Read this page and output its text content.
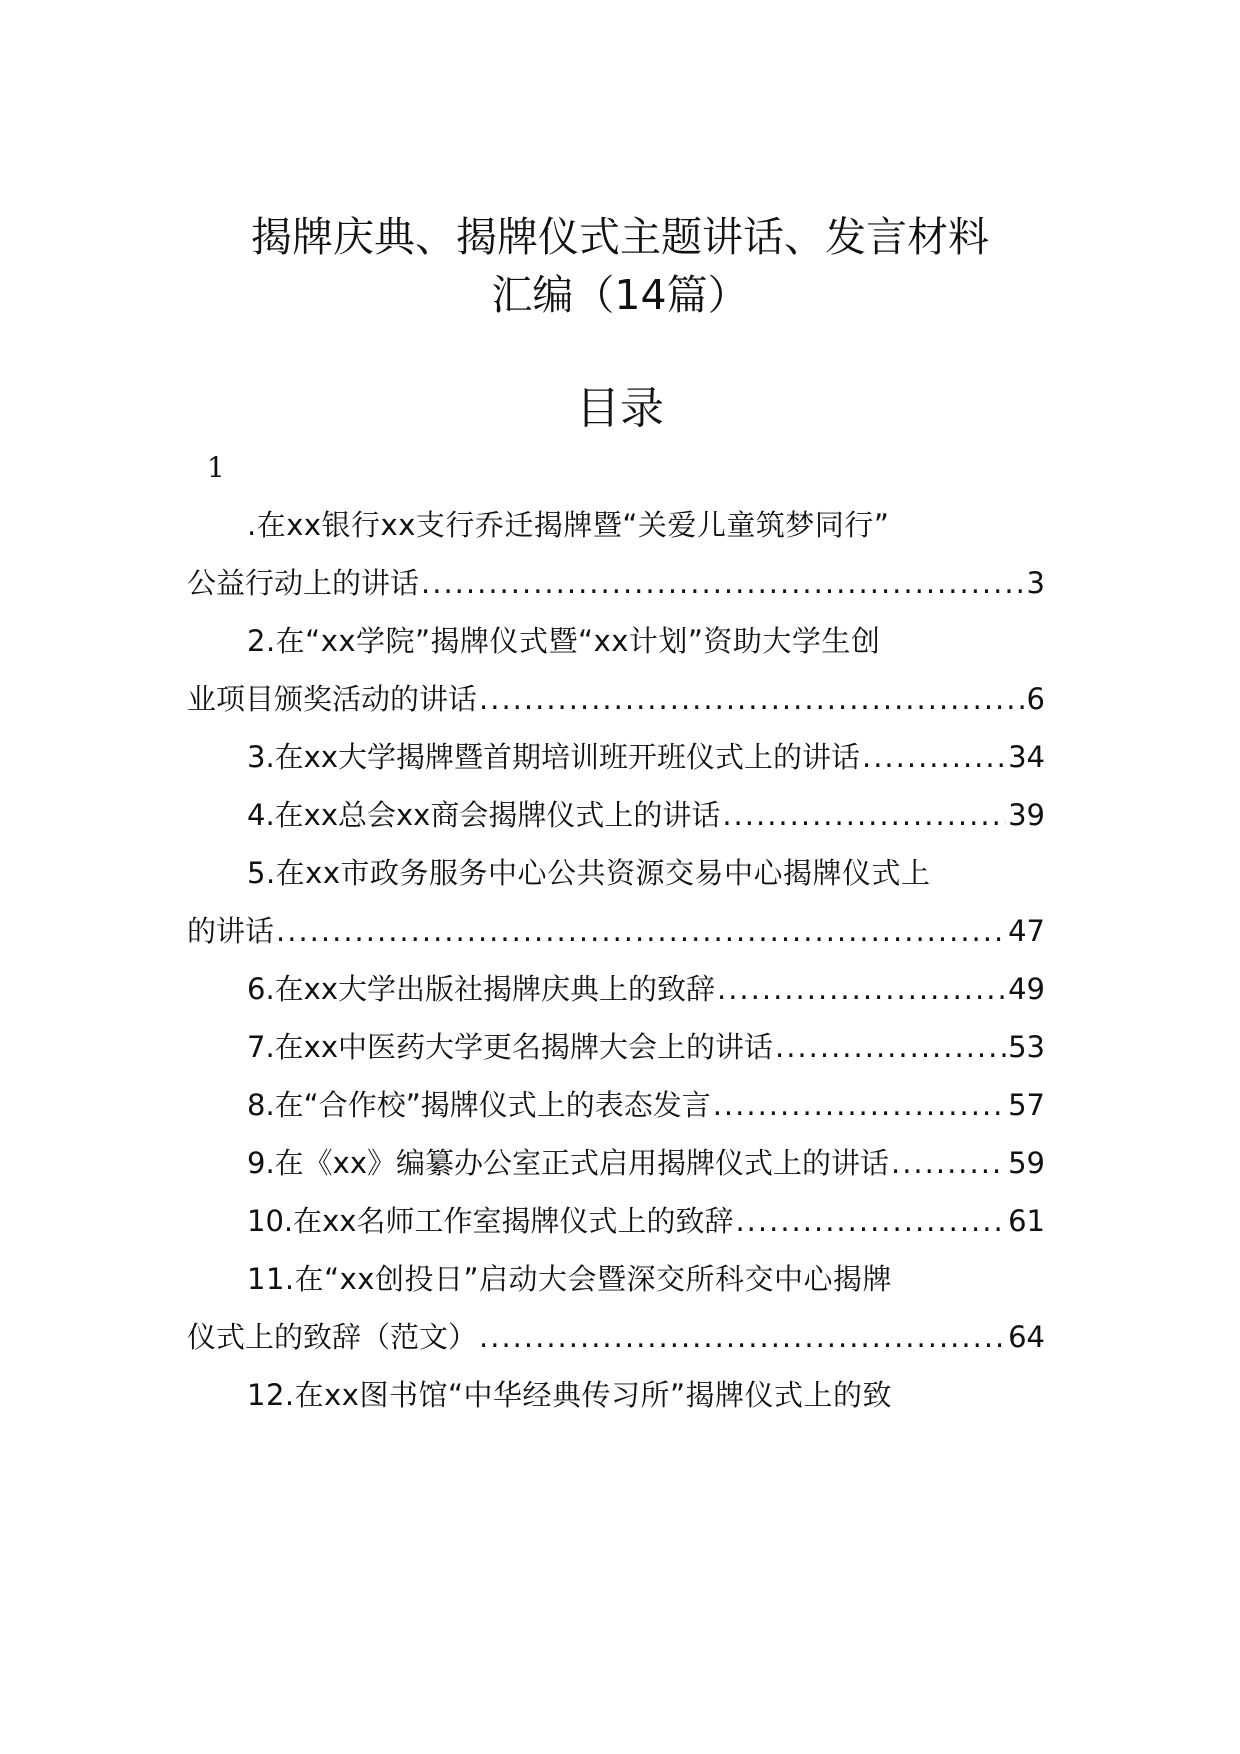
揭牌庆典、揭牌仪式主题讲话、发言材料
汇编（14篇）
目录
1
.在xx银行xx支行乔迁揭牌暨“关爱儿童筑梦同行”
公益行动上的讲话 .....	3
2.在“xx学院”揭牌仪式暨“xx计划”资助大学生创
业项目颁奖活动的讲话 .....	6
3.在xx大学揭牌暨首期培训班开班仪式上的讲话 .....	34
4.在xx总会xx商会揭牌仪式上的讲话 .....	39
5.在xx市政务服务中心公共资源交易中心揭牌仪式上
的讲话 .....	47
6.在xx大学出版社揭牌庆典上的致辞 .....	49
7.在xx中医药大学更名揭牌大会上的讲话 .....	53
8.在“合作校”揭牌仪式上的表态发言 .....	57
9.在《xx》编纂办公室正式启用揭牌仪式上的讲话 .....	59
10.在xx名师工作室揭牌仪式上的致辞 .....	61
11.在“xx创投日”启动大会暨深交所科交中心揭牌
仪式上的致辞（范文） .....	64
12.在xx图书馆“中华经典传习所”揭牌仪式上的致
